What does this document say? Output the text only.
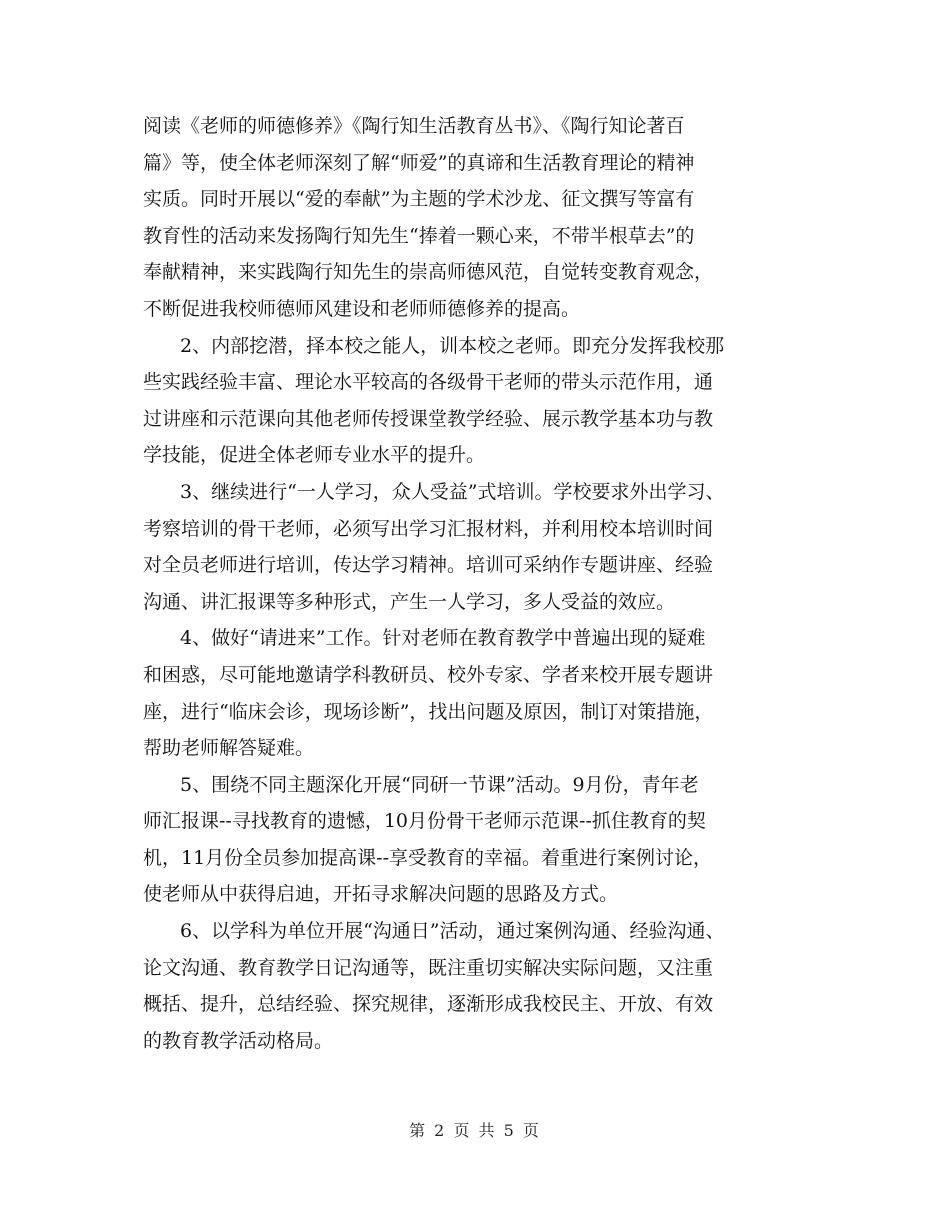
阅读《老师的师德修养》《陶行知生活教育丛书》、《陶行知论著百
篇》等，使全体老师深刻了解“师爱”的真谛和生活教育理论的精神
实质。同时开展以“爱的奉献”为主题的学术沙龙、征文撰写等富有
教育性的活动来发扬陶行知先生“捧着一颗心来，不带半根草去”的
奉献精神，来实践陶行知先生的崇高师德风范，自觉转变教育观念，
不断促进我校师德师风建设和老师师德修养的提高。
2、内部挖潜，择本校之能人，训本校之老师。即充分发挥我校那
些实践经验丰富、理论水平较高的各级骨干老师的带头示范作用，通
过讲座和示范课向其他老师传授课堂教学经验、展示教学基本功与教
学技能，促进全体老师专业水平的提升。
3、继续进行“一人学习，众人受益”式培训。学校要求外出学习、
考察培训的骨干老师，必须写出学习汇报材料，并利用校本培训时间
对全员老师进行培训，传达学习精神。培训可采纳作专题讲座、经验
沟通、讲汇报课等多种形式，产生一人学习，多人受益的效应。
4、做好“请进来”工作。针对老师在教育教学中普遍出现的疑难
和困惑，尽可能地邀请学科教研员、校外专家、学者来校开展专题讲
座，进行“临床会诊，现场诊断”，找出问题及原因，制订对策措施，
帮助老师解答疑难。
5、围绕不同主题深化开展“同研一节课”活动。9月份，青年老
师汇报课--寻找教育的遗憾，10月份骨干老师示范课--抓住教育的契
机，11月份全员参加提高课--享受教育的幸福。着重进行案例讨论，
使老师从中获得启迪，开拓寻求解决问题的思路及方式。
6、以学科为单位开展“沟通日”活动，通过案例沟通、经验沟通、
论文沟通、教育教学日记沟通等，既注重切实解决实际问题，又注重
概括、提升，总结经验、探究规律，逐渐形成我校民主、开放、有效
的教育教学活动格局。
第 2 页 共 5 页
